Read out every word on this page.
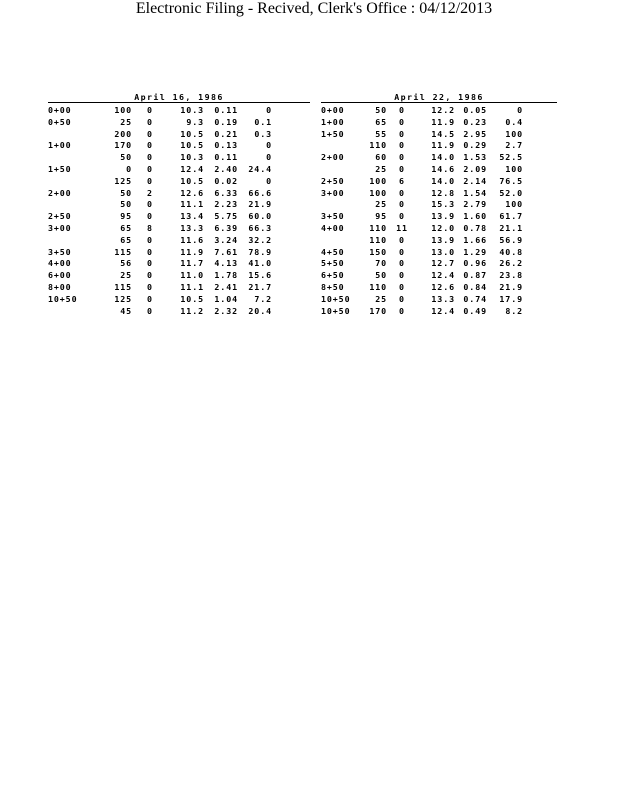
Electronic Filing - Recived, Clerk's Office : 04/12/2013
April 16, 1986
0+00	100	0	10.3	0.11	0
0+50	25	0	9.3	0.19	0.1
	200	0	10.5	0.21	0.3
1+00	170	0	10.5	0.13	0
	50	0	10.3	0.11	0
1+50	0	0	12.4	2.40	24.4
	125	0	10.5	0.02	0
2+00	50	2	12.6	6.33	66.6
	50	0	11.1	2.23	21.9
2+50	95	0	13.4	5.75	60.0
3+00	65	8	13.3	6.39	66.3
	65	0	11.6	3.24	32.2
3+50	115	0	11.9	7.61	78.9
4+00	56	0	11.7	4.13	41.0
6+00	25	0	11.0	1.78	15.6
8+00	115	0	11.1	2.41	21.7
10+50	125	0	10.5	1.04	7.2
	45	0	11.2	2.32	20.4
April 22, 1986
0+00	50	0	12.2	0.05	0
1+00	65	0	11.9	0.23	0.4
1+50	55	0	14.5	2.95	100
	110	0	11.9	0.29	2.7
2+00	60	0	14.0	1.53	52.5
	25	0	14.6	2.09	100
2+50	100	6	14.0	2.14	76.5
3+00	100	0	12.8	1.54	52.0
	25	0	15.3	2.79	100
3+50	95	0	13.9	1.60	61.7
4+00	110	11	12.0	0.78	21.1
	110	0	13.9	1.66	56.9
4+50	150	0	13.0	1.29	40.8
5+50	70	0	12.7	0.96	26.2
6+50	50	0	12.4	0.87	23.8
8+50	110	0	12.6	0.84	21.9
10+50	25	0	13.3	0.74	17.9
10+50	170	0	12.4	0.49	8.2
